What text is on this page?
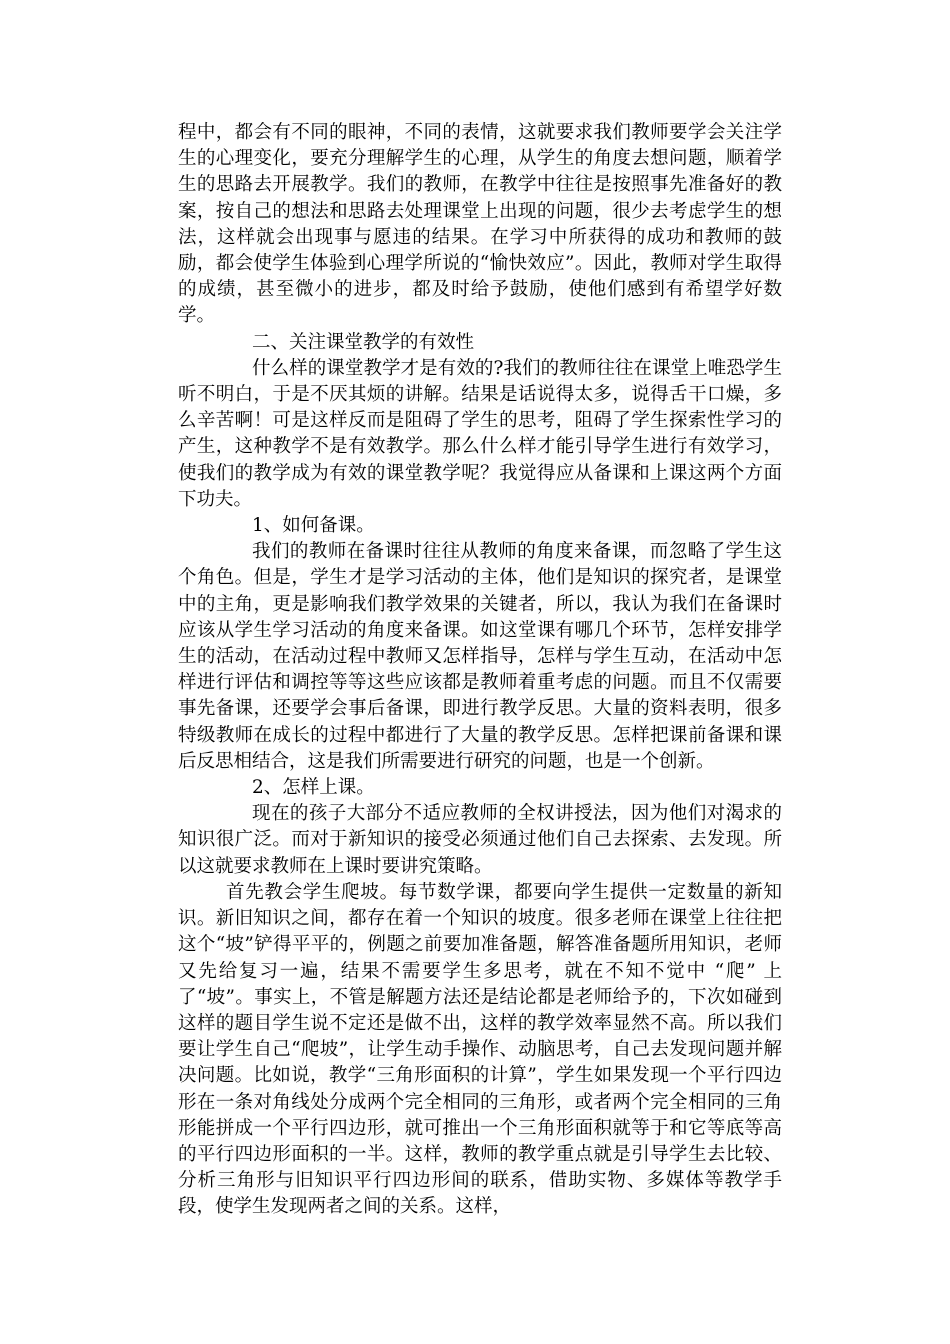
程中，都会有不同的眼神，不同的表情，这就要求我们教师要学会关注学生的心理变化，要充分理解学生的心理，从学生的角度去想问题，顺着学生的思路去开展教学。我们的教师，在教学中往往是按照事先准备好的教案，按自己的想法和思路去处理课堂上出现的问题，很少去考虑学生的想法，这样就会出现事与愿违的结果。在学习中所获得的成功和教师的鼓励，都会使学生体验到心理学所说的“愉快效应”。因此，教师对学生取得的成绩，甚至微小的进步，都及时给予鼓励，使他们感到有希望学好数学。

二、关注课堂教学的有效性

什么样的课堂教学才是有效的?我们的教师往往在课堂上唯恐学生听不明白，于是不厌其烦的讲解。结果是话说得太多，说得舌干口燥，多么辛苦啊！可是这样反而是阻碍了学生的思考，阻碍了学生探索性学习的产生，这种教学不是有效教学。那么什么样才能引导学生进行有效学习，使我们的教学成为有效的课堂教学呢？我觉得应从备课和上课这两个方面下功夫。

1、如何备课。

我们的教师在备课时往往从教师的角度来备课，而忽略了学生这个角色。但是，学生才是学习活动的主体，他们是知识的探究者，是课堂中的主角，更是影响我们教学效果的关键者，所以，我认为我们在备课时应该从学生学习活动的角度来备课。如这堂课有哪几个环节，怎样安排学生的活动，在活动过程中教师又怎样指导，怎样与学生互动，在活动中怎样进行评估和调控等等这些应该都是教师着重考虑的问题。而且不仅需要事先备课，还要学会事后备课，即进行教学反思。大量的资料表明，很多特级教师在成长的过程中都进行了大量的教学反思。怎样把课前备课和课后反思相结合，这是我们所需要进行研究的问题，也是一个创新。

2、怎样上课。

现在的孩子大部分不适应教师的全权讲授法，因为他们对渴求的知识很广泛。而对于新知识的接受必须通过他们自己去探索、去发现。所以这就要求教师在上课时要讲究策略。

首先教会学生爬坡。每节数学课，都要向学生提供一定数量的新知识。新旧知识之间，都存在着一个知识的坡度。很多老师在课堂上往往把这个“坡”铲得平平的，例题之前要加准备题，解答准备题所用知识，老师又先给复习一遍，结果不需要学生多思考，就在不知不觉中 “爬” 上了“坡”。事实上，不管是解题方法还是结论都是老师给予的，下次如碰到这样的题目学生说不定还是做不出，这样的教学效率显然不高。所以我们要让学生自己“爬坡”，让学生动手操作、动脑思考，自己去发现问题并解决问题。比如说，教学“三角形面积的计算”，学生如果发现一个平行四边形在一条对角线处分成两个完全相同的三角形，或者两个完全相同的三角形能拼成一个平行四边形，就可推出一个三角形面积就等于和它等底等高的平行四边形面积的一半。这样，教师的教学重点就是引导学生去比较、分析三角形与旧知识平行四边形间的联系，借助实物、多媒体等教学手段，使学生发现两者之间的关系。这样，
